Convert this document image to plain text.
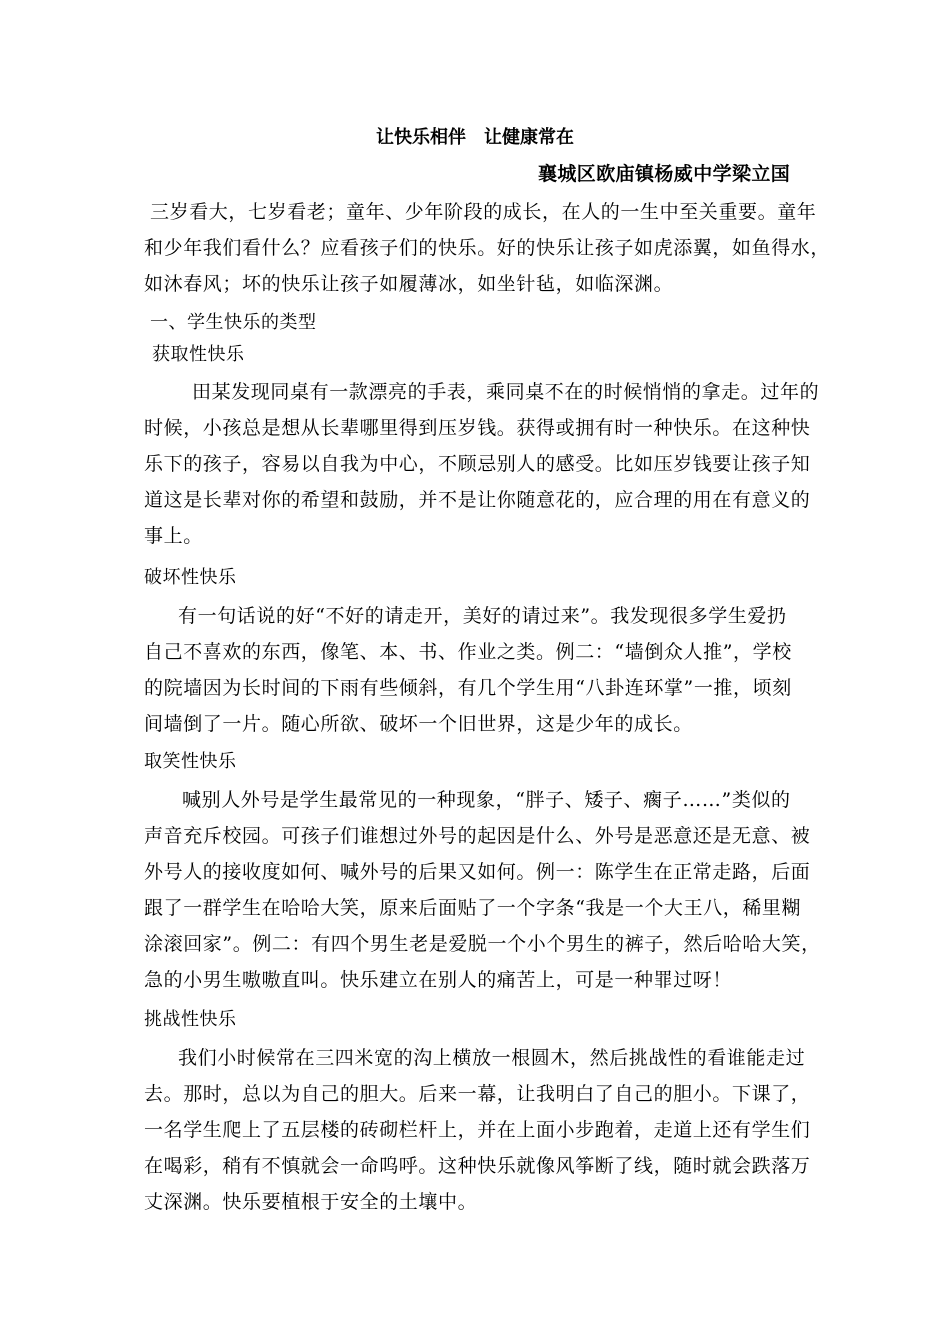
让快乐相伴　让健康常在
襄城区欧庙镇杨威中学梁立国
三岁看大，七岁看老；童年、少年阶段的成长，在人的一生中至关重要。童年
和少年我们看什么？应看孩子们的快乐。好的快乐让孩子如虎添翼，如鱼得水，
如沐春风；坏的快乐让孩子如履薄冰，如坐针毡，如临深渊。
一、学生快乐的类型
获取性快乐
田某发现同桌有一款漂亮的手表，乘同桌不在的时候悄悄的拿走。过年的
时候，小孩总是想从长辈哪里得到压岁钱。获得或拥有时一种快乐。在这种快
乐下的孩子，容易以自我为中心，不顾忌别人的感受。比如压岁钱要让孩子知
道这是长辈对你的希望和鼓励，并不是让你随意花的，应合理的用在有意义的
事上。
破坏性快乐
有一句话说的好“不好的请走开，美好的请过来”。我发现很多学生爱扔
自己不喜欢的东西，像笔、本、书、作业之类。例二：“墙倒众人推”，学校
的院墙因为长时间的下雨有些倾斜，有几个学生用“八卦连环掌”一推，顷刻
间墙倒了一片。随心所欲、破坏一个旧世界，这是少年的成长。
取笑性快乐
喊别人外号是学生最常见的一种现象，“胖子、矮子、瘸子……”类似的
声音充斥校园。可孩子们谁想过外号的起因是什么、外号是恶意还是无意、被
外号人的接收度如何、喊外号的后果又如何。例一：陈学生在正常走路，后面
跟了一群学生在哈哈大笑，原来后面贴了一个字条“我是一个大王八，稀里糊
涂滚回家”。例二：有四个男生老是爱脱一个小个男生的裤子，然后哈哈大笑，
急的小男生嗷嗷直叫。快乐建立在别人的痛苦上，可是一种罪过呀！
挑战性快乐
我们小时候常在三四米宽的沟上横放一根圆木，然后挑战性的看谁能走过
去。那时，总以为自己的胆大。后来一幕，让我明白了自己的胆小。下课了，
一名学生爬上了五层楼的砖砌栏杆上，并在上面小步跑着，走道上还有学生们
在喝彩，稍有不慎就会一命呜呼。这种快乐就像风筝断了线，随时就会跌落万
丈深渊。快乐要植根于安全的土壤中。
